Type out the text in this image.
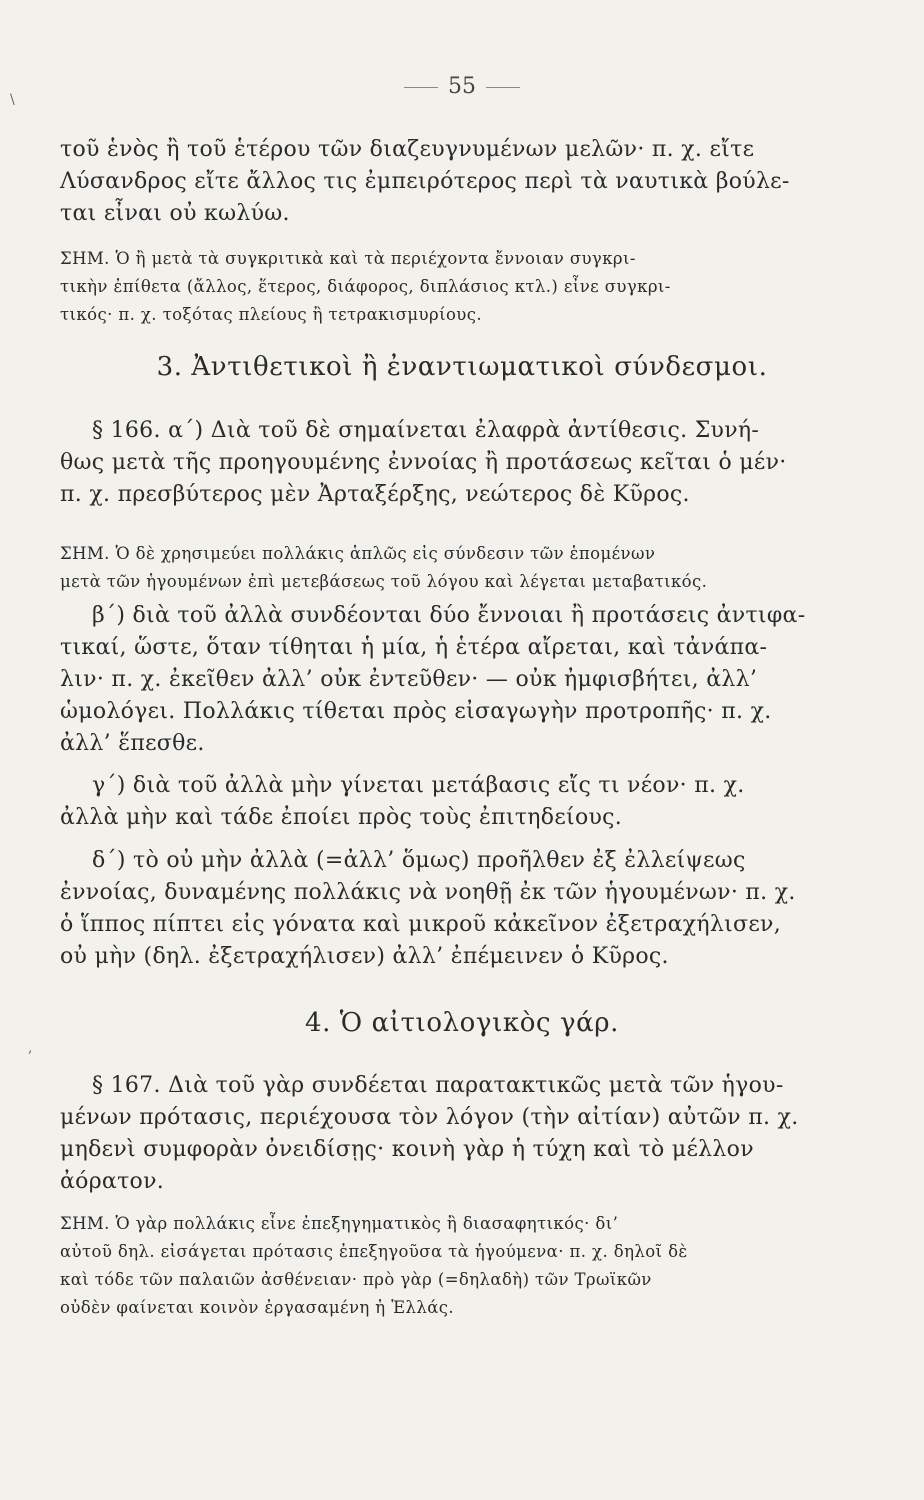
\
,
55
τοῦ ἑνὸς ἢ τοῦ ἑτέρου τῶν διαζευγνυμένων μελῶν· π. χ. εἴτε
Λύσανδρος εἴτε ἄλλος τις ἐμπειρότερος περὶ τὰ ναυτικὰ βούλε-
ται εἶναι οὐ κωλύω.
ΣΗΜ. Ὁ ἢ μετὰ τὰ συγκριτικὰ καὶ τὰ περιέχοντα ἔννοιαν συγκρι-
τικὴν ἐπίθετα (ἄλλος, ἕτερος, διάφορος, διπλάσιος κτλ.) εἶνε συγκρι-
τικός· π. χ. τοξότας πλείους ἢ τετρακισμυρίους.
3. Ἀντιθετικοὶ ἢ ἐναντιωματικοὶ σύνδεσμοι.
§ 166. α΄) Διὰ τοῦ δὲ σημαίνεται ἐλαφρὰ ἀντίθεσις. Συνή-
θως μετὰ τῆς προηγουμένης ἐννοίας ἢ προτάσεως κεῖται ὁ μέν·
π. χ. πρεσβύτερος μὲν Ἀρταξέρξης, νεώτερος δὲ Κῦρος.
ΣΗΜ. Ὁ δὲ χρησιμεύει πολλάκις ἁπλῶς εἰς σύνδεσιν τῶν ἑπομένων
μετὰ τῶν ἡγουμένων ἐπὶ μετεβάσεως τοῦ λόγου καὶ λέγεται μεταβατικός.
β΄) διὰ τοῦ ἀλλὰ συνδέονται δύο ἔννοιαι ἢ προτάσεις ἀντιφα-
τικαί, ὥστε, ὅταν τίθηται ἡ μία, ἡ ἑτέρα αἴρεται, καὶ τἀνάπα-
λιν· π. χ. ἐκεῖθεν ἀλλ’ οὐκ ἐντεῦθεν· — οὐκ ἠμφισβήτει, ἀλλ’
ὡμολόγει. Πολλάκις τίθεται πρὸς εἰσαγωγὴν προτροπῆς· π. χ.
ἀλλ’ ἕπεσθε.
γ΄) διὰ τοῦ ἀλλὰ μὴν γίνεται μετάβασις εἴς τι νέον· π. χ.
ἀλλὰ μὴν καὶ τάδε ἐποίει πρὸς τοὺς ἐπιτηδείους.
δ΄) τὸ οὐ μὴν ἀλλὰ (=ἀλλ’ ὅμως) προῆλθεν ἐξ ἐλλείψεως
ἐννοίας, δυναμένης πολλάκις νὰ νοηθῇ ἐκ τῶν ἡγουμένων· π. χ.
ὁ ἵππος πίπτει εἰς γόνατα καὶ μικροῦ κἀκεῖνον ἐξετραχήλισεν,
οὐ μὴν (δηλ. ἐξετραχήλισεν) ἀλλ’ ἐπέμεινεν ὁ Κῦρος.
4. Ὁ αἰτιολογικὸς γάρ.
§ 167. Διὰ τοῦ γὰρ συνδέεται παρατακτικῶς μετὰ τῶν ἡγου-
μένων πρότασις, περιέχουσα τὸν λόγον (τὴν αἰτίαν) αὐτῶν π. χ.
μηδενὶ συμφορὰν ὀνειδίσῃς· κοινὴ γὰρ ἡ τύχη καὶ τὸ μέλλον
ἀόρατον.
ΣΗΜ. Ὁ γὰρ πολλάκις εἶνε ἐπεξηγηματικὸς ἢ διασαφητικός· δι’
αὐτοῦ δηλ. εἰσάγεται πρότασις ἐπεξηγοῦσα τὰ ἡγούμενα· π. χ. δηλοῖ δὲ
καὶ τόδε τῶν παλαιῶν ἀσθένειαν· πρὸ γὰρ (=δηλαδὴ) τῶν Τρωϊκῶν
οὐδὲν φαίνεται κοινὸν ἐργασαμένη ἡ Ἑλλάς.
